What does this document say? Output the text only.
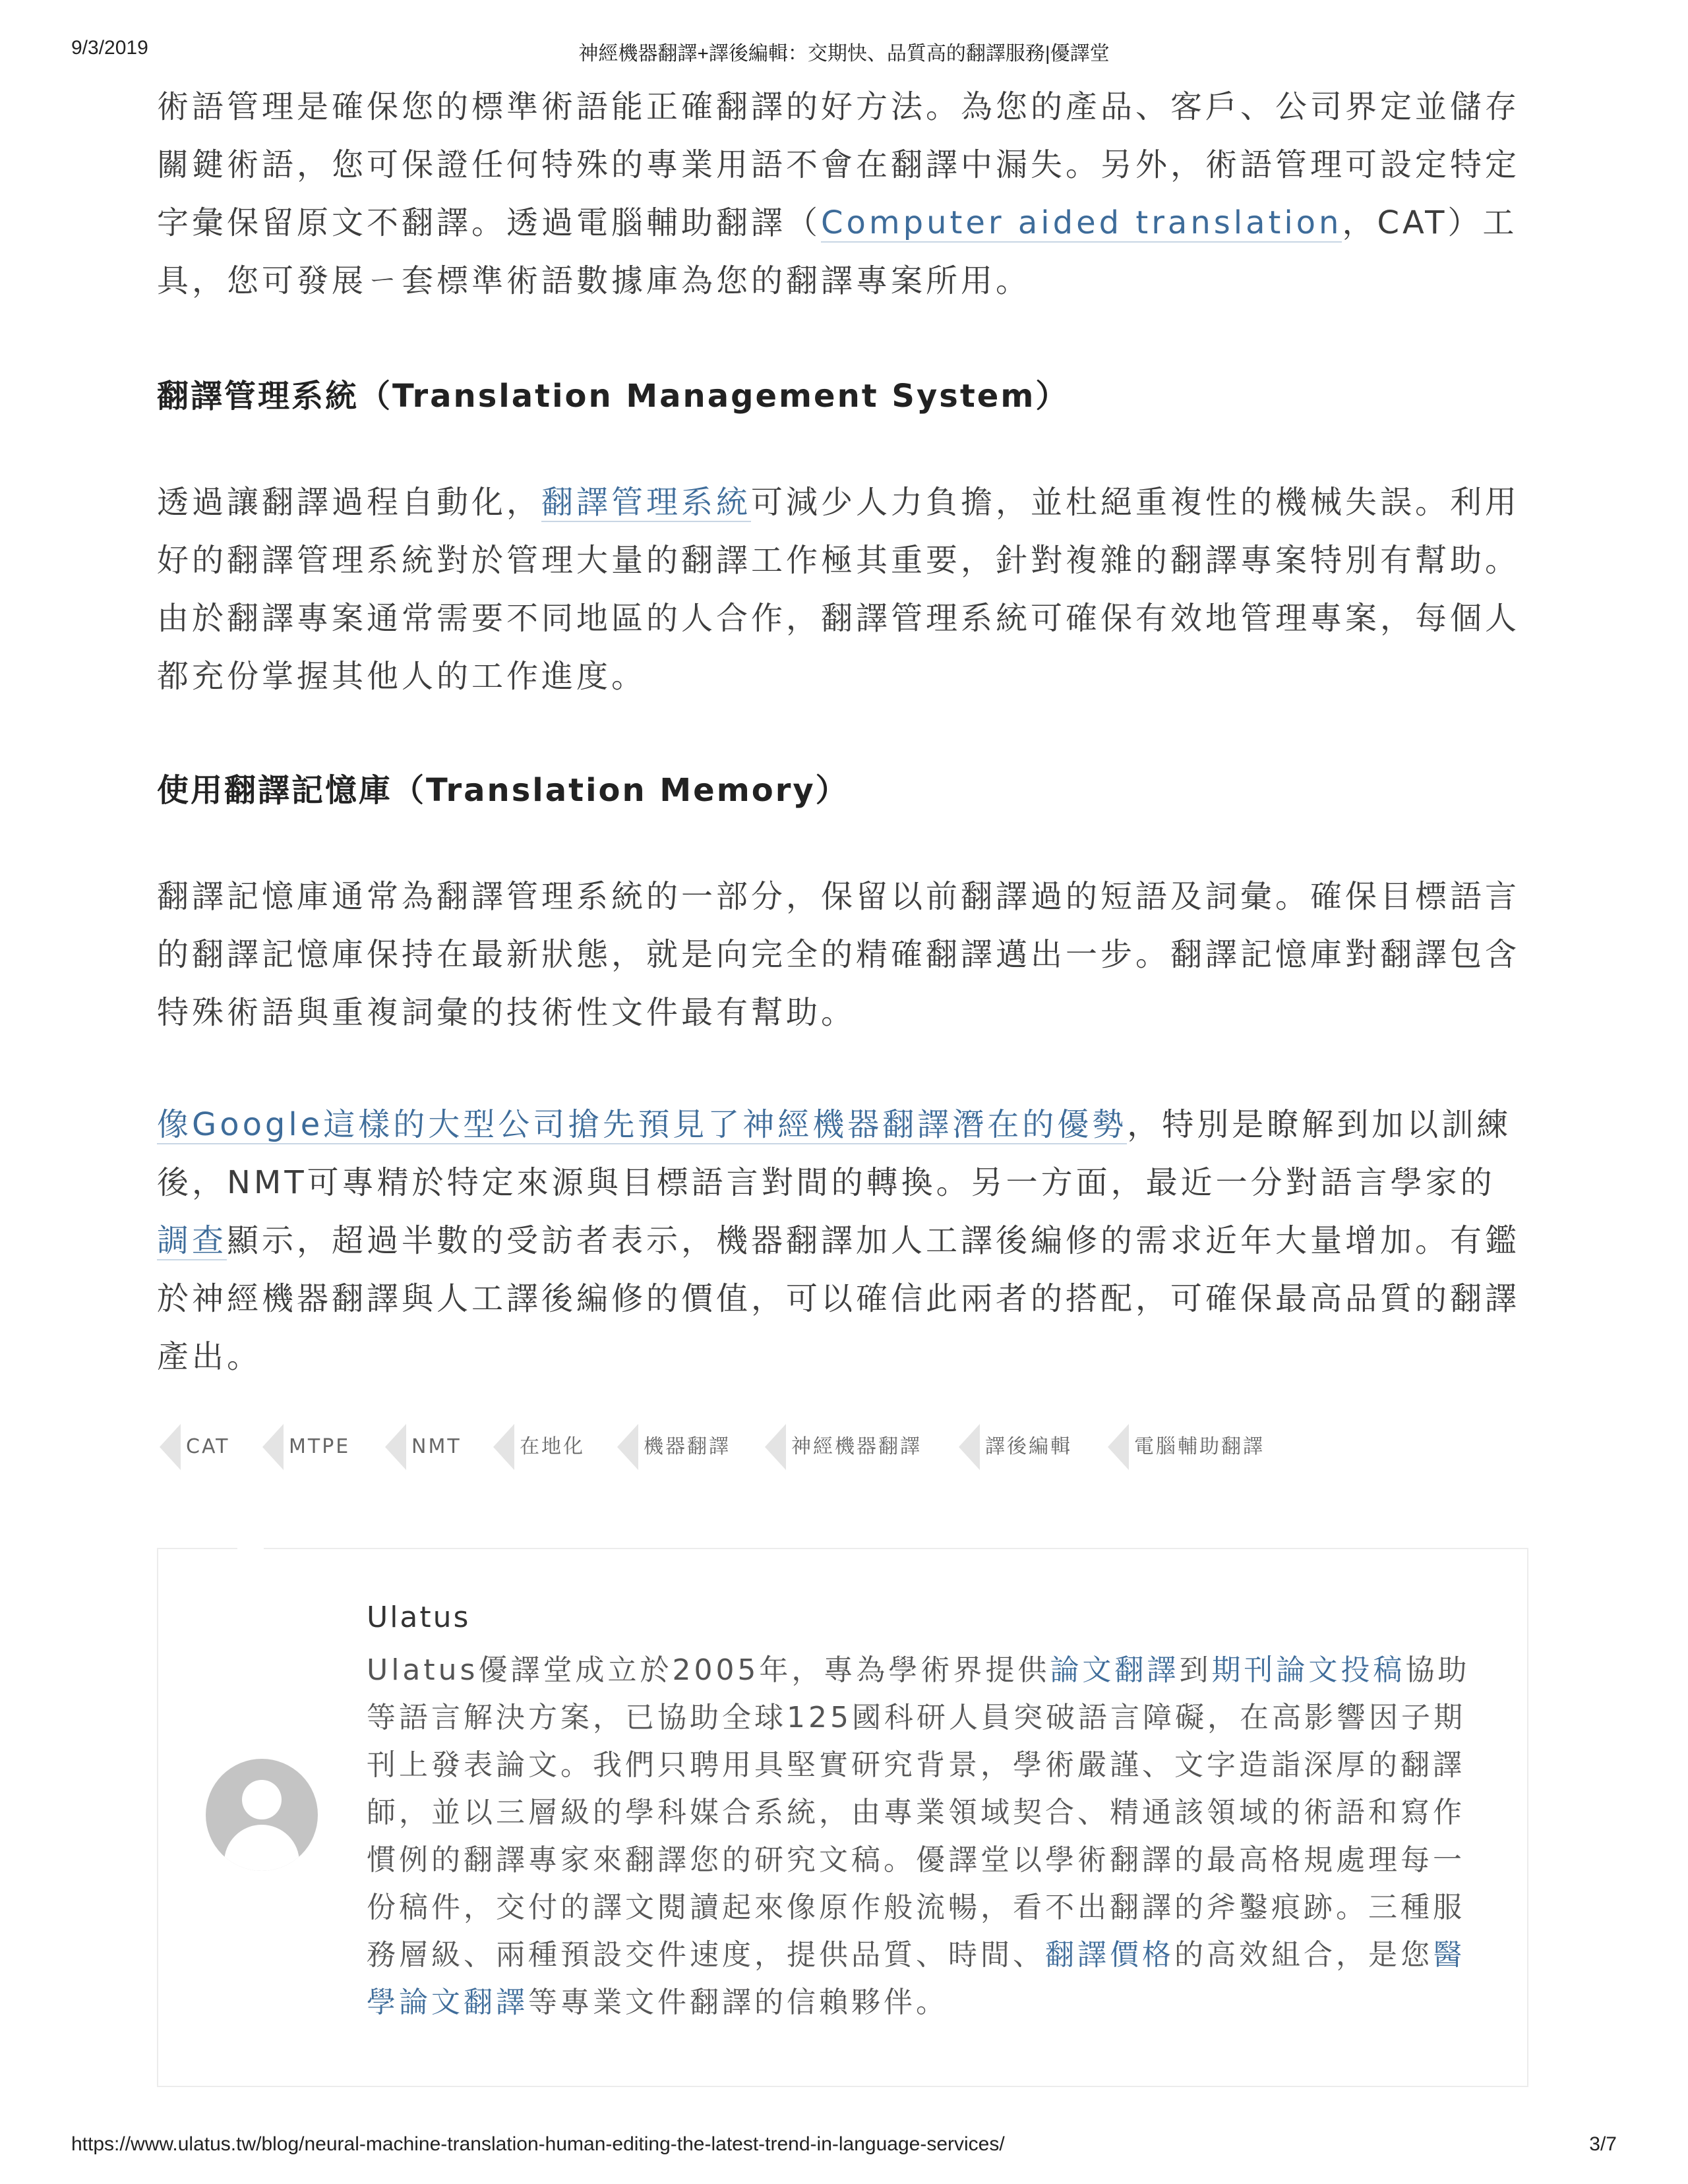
9/3/2019	神經機器翻譯+譯後編輯：交期快、品質高的翻譯服務|優譯堂

術語管理是確保您的標準術語能正確翻譯的好方法。為您的產品、客戶、公司界定並儲存關鍵術語，您可保證任何特殊的專業用語不會在翻譯中漏失。另外，術語管理可設定特定字彙保留原文不翻譯。透過電腦輔助翻譯（Computer aided translation，CAT）工具，您可發展ㄧ套標準術語數據庫為您的翻譯專案所用。

翻譯管理系統（Translation Management System）

透過讓翻譯過程自動化，翻譯管理系統可減少人力負擔，並杜絕重複性的機械失誤。利用好的翻譯管理系統對於管理大量的翻譯工作極其重要，針對複雜的翻譯專案特別有幫助。由於翻譯專案通常需要不同地區的人合作，翻譯管理系統可確保有效地管理專案，每個人都充份掌握其他人的工作進度。

使用翻譯記憶庫（Translation Memory）

翻譯記憶庫通常為翻譯管理系統的一部分，保留以前翻譯過的短語及詞彙。確保目標語言的翻譯記憶庫保持在最新狀態，就是向完全的精確翻譯邁出一步。翻譯記憶庫對翻譯包含特殊術語與重複詞彙的技術性文件最有幫助。

像Google這樣的大型公司搶先預見了神經機器翻譯潛在的優勢，特別是瞭解到加以訓練後，NMT可專精於特定來源與目標語言對間的轉換。另一方面，最近一分對語言學家的調查顯示，超過半數的受訪者表示，機器翻譯加人工譯後編修的需求近年大量增加。有鑑於神經機器翻譯與人工譯後編修的價值，可以確信此兩者的搭配，可確保最高品質的翻譯產出。

CAT	MTPE	NMT	在地化	機器翻譯	神經機器翻譯	譯後編輯	電腦輔助翻譯
Ulatus

Ulatus優譯堂成立於2005年，專為學術界提供論文翻譯到期刊論文投稿協助等語言解決方案，已協助全球125國科研人員突破語言障礙，在高影響因子期刊上發表論文。我們只聘用具堅實研究背景，學術嚴謹、文字造詣深厚的翻譯師，並以三層級的學科媒合系統，由專業領域契合、精通該領域的術語和寫作慣例的翻譯專家來翻譯您的研究文稿。優譯堂以學術翻譯的最高格規處理每一份稿件，交付的譯文閱讀起來像原作般流暢，看不出翻譯的斧鑿痕跡。三種服務層級、兩種預設交件速度，提供品質、時間、翻譯價格的高效組合，是您醫學論文翻譯等專業文件翻譯的信賴夥伴。

https://www.ulatus.tw/blog/neural-machine-translation-human-editing-the-latest-trend-in-language-services/	3/7
